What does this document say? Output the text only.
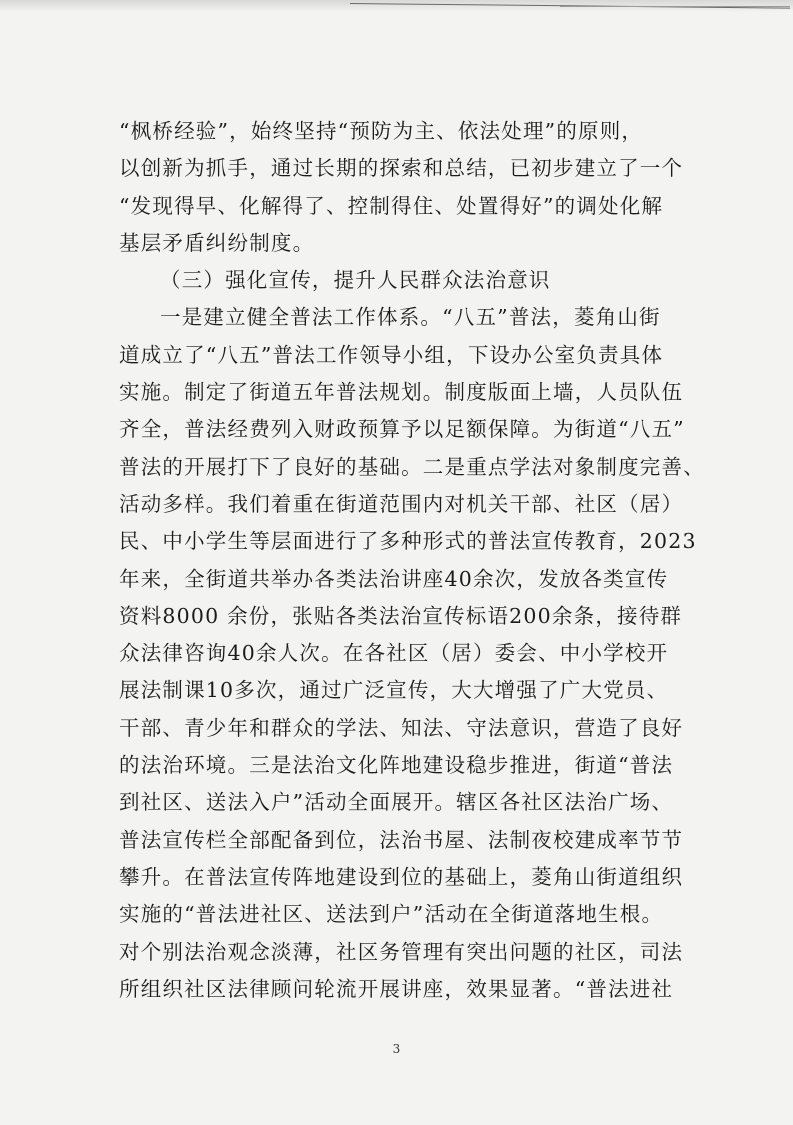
“枫桥经验”，始终坚持“预防为主、依法处理”的原则，
以创新为抓手，通过长期的探索和总结，已初步建立了一个
“发现得早、化解得了、控制得住、处置得好”的调处化解
基层矛盾纠纷制度。
（三）强化宣传，提升人民群众法治意识
一是建立健全普法工作体系。“八五”普法，菱角山街
道成立了“八五”普法工作领导小组，下设办公室负责具体
实施。制定了街道五年普法规划。制度版面上墙，人员队伍
齐全，普法经费列入财政预算予以足额保障。为街道“八五”
普法的开展打下了良好的基础。二是重点学法对象制度完善、
活动多样。我们着重在街道范围内对机关干部、社区（居）
民、中小学生等层面进行了多种形式的普法宣传教育，2023
年来，全街道共举办各类法治讲座40余次，发放各类宣传
资料8000 余份，张贴各类法治宣传标语200余条，接待群
众法律咨询40余人次。在各社区（居）委会、中小学校开
展法制课10多次，通过广泛宣传，大大增强了广大党员、
干部、青少年和群众的学法、知法、守法意识，营造了良好
的法治环境。三是法治文化阵地建设稳步推进，街道“普法
到社区、送法入户”活动全面展开。辖区各社区法治广场、
普法宣传栏全部配备到位，法治书屋、法制夜校建成率节节
攀升。在普法宣传阵地建设到位的基础上，菱角山街道组织
实施的“普法进社区、送法到户”活动在全街道落地生根。
对个别法治观念淡薄，社区务管理有突出问题的社区，司法
所组织社区法律顾问轮流开展讲座，效果显著。“普法进社
3
